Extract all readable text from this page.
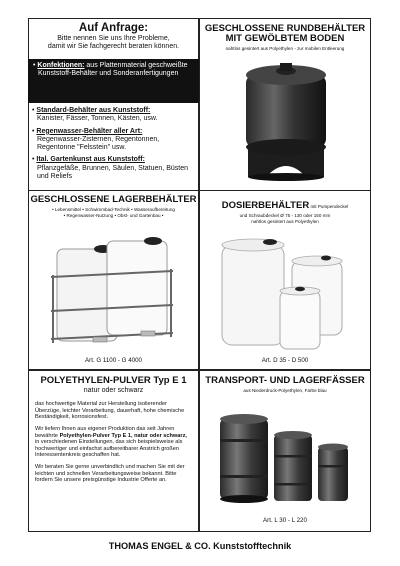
Auf Anfrage:
Bitte nennen Sie uns Ihre Probleme,
damit wir Sie fachgerecht beraten können.
• Konfektionen: aus Plattenmaterial geschweißte Kunststoff-Behälter und Sonderanfertigungen
• Standard-Behälter aus Kunststoff:
Kanister, Fässer, Tonnen, Kästen, usw.
• Regenwasser-Behälter aller Art:
Regenwasser-Zisternen, Regentonnen, Regentonne "Felsstein" usw.
• Ital. Gartenkunst aus Kunststoff:
Pflanzgefäße, Brunnen, Säulen, Statuen, Büsten und Reliefs
GESCHLOSSENE RUNDBEHÄLTER
MIT GEWÖLBTEM BODEN
nahtlos gesintert aus Polyethylen - zur mobilen Entleerung
GESCHLOSSENE LAGERBEHÄLTER
• Lebensmittel • Schwimmbad-Technik • Wasseraufbereitung
• Regenwasser-Nutzung • Obst- und Gartenbau •
Art. G 1100 - G 4000
DOSIERBEHÄLTER mit Pumpendeckel
und Schraubdeckel Ø 75 - 130 oder 150 mm
nahtlos gesintert aus Polyethylen
Art. D 35 - D 500
POLYETHYLEN-PULVER Typ E 1
natur oder schwarz
das hochwertige Material zur Herstellung isolierender Überzüge, leichter Verarbeitung, dauerhaft, hohe chemische Beständigkeit, korrosionsfest.
Wir liefern Ihnen aus eigener Produktion das seit Jahren bewährte Polyethylen-Pulver Typ E 1, natur oder schwarz, in verschiedenen Einstellungen, das sich beispielsweise als hochwertiger und einfachst aufbereitbarer Anstrich großen Interessentenkreis geschaffen hat.
Wir beraten Sie gerne unverbindlich und machen Sie mit der leichten und schnellen Verarbeitungsweise bekannt. Bitte fordern Sie unsere preisgünstige Industrie Offerte an.
TRANSPORT- UND LAGERFÄSSER
aus Niederdruck-Polyethylen, Farbe blau
Art. L 30 - L 220
THOMAS ENGEL & CO. Kunststofftechnik
